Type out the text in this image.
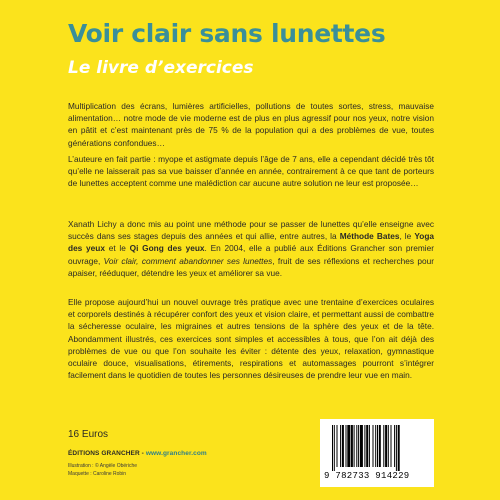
Voir clair sans lunettes
Le livre d’exercices
Multiplication des écrans, lumières artificielles, pollutions de toutes sortes, stress, mauvaise alimentation… notre mode de vie moderne est de plus en plus agressif pour nos yeux, notre vision en pâtit et c’est maintenant près de 75 % de la population qui a des problèmes de vue, toutes générations confondues…
L’auteure en fait partie : myope et astigmate depuis l’âge de 7 ans, elle a cependant décidé très tôt qu’elle ne laisserait pas sa vue baisser d’année en année, contrairement à ce que tant de porteurs de lunettes acceptent comme une malédiction car aucune autre solution ne leur est proposée…
Xanath Lichy a donc mis au point une méthode pour se passer de lunettes qu’elle enseigne avec succès dans ses stages depuis des années et qui allie, entre autres, la Méthode Bates, le Yoga des yeux et le Qi Gong des yeux. En 2004, elle a publié aux Éditions Grancher son premier ouvrage, Voir clair, comment abandonner ses lunettes, fruit de ses réflexions et recherches pour apaiser, rééduquer, détendre les yeux et améliorer sa vue.
Elle propose aujourd’hui un nouvel ouvrage très pratique avec une trentaine d’exercices oculaires et corporels destinés à récupérer confort des yeux et vision claire, et permettant aussi de combattre la sécheresse oculaire, les migraines et autres tensions de la sphère des yeux et de la tête. Abondamment illustrés, ces exercices sont simples et accessibles à tous, que l’on ait déjà des problèmes de vue ou que l’on souhaite les éviter : détente des yeux, relaxation, gymnastique oculaire douce, visualisations, étirements, respirations et automassages pourront s’intégrer facilement dans le quotidien de toutes les personnes désireuses de prendre leur vue en main.
16 Euros
ÉDITIONS GRANCHER - www.grancher.com
Illustration : © Angèle Obériche
Maquette : Caroline Robin	9 782733 914229
